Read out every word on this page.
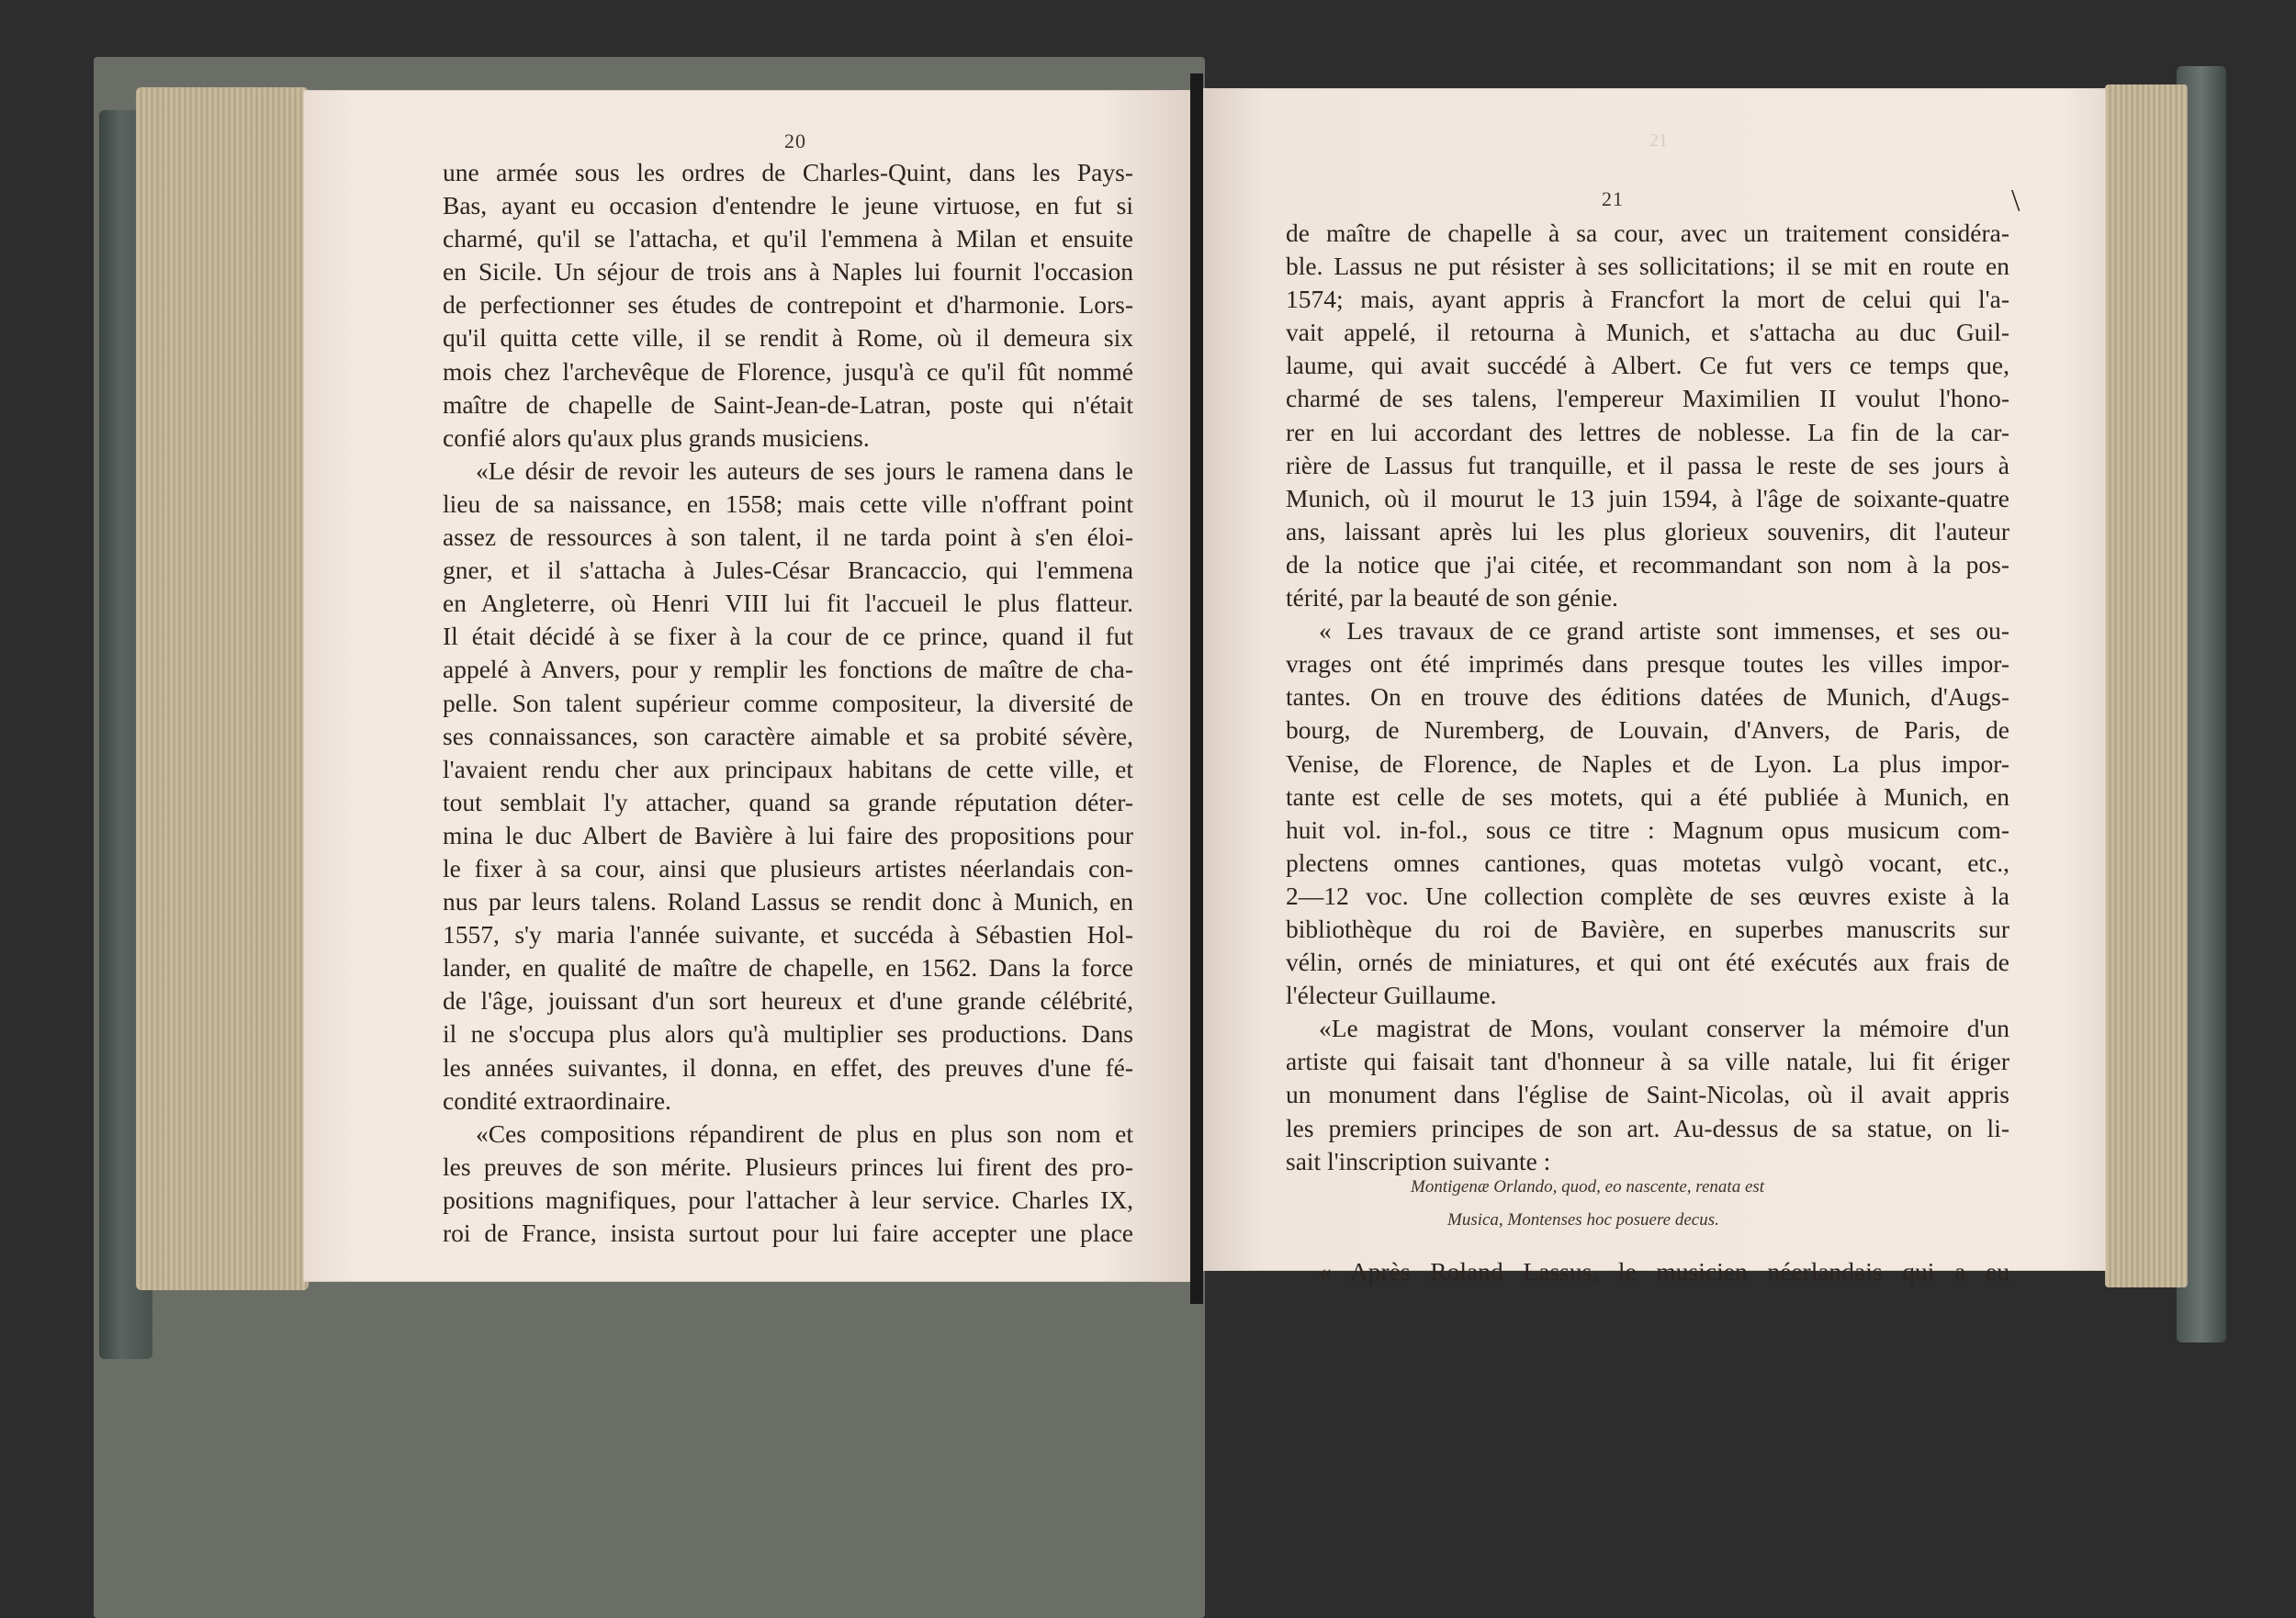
20	21
21	\
une armée sous les ordres de Charles-Quint, dans les Pays-
Bas, ayant eu occasion d'entendre le jeune virtuose, en fut si
charmé, qu'il se l'attacha, et qu'il l'emmena à Milan et ensuite
en Sicile. Un séjour de trois ans à Naples lui fournit l'occasion
de perfectionner ses études de contrepoint et d'harmonie. Lors-
qu'il quitta cette ville, il se rendit à Rome, où il demeura six
mois chez l'archevêque de Florence, jusqu'à ce qu'il fût nommé
maître de chapelle de Saint-Jean-de-Latran, poste qui n'était
confié alors qu'aux plus grands musiciens.
«Le désir de revoir les auteurs de ses jours le ramena dans le
lieu de sa naissance, en 1558; mais cette ville n'offrant point
assez de ressources à son talent, il ne tarda point à s'en éloi-
gner, et il s'attacha à Jules-César Brancaccio, qui l'emmena
en Angleterre, où Henri VIII lui fit l'accueil le plus flatteur.
Il était décidé à se fixer à la cour de ce prince, quand il fut
appelé à Anvers, pour y remplir les fonctions de maître de cha-
pelle. Son talent supérieur comme compositeur, la diversité de
ses connaissances, son caractère aimable et sa probité sévère,
l'avaient rendu cher aux principaux habitans de cette ville, et
tout semblait l'y attacher, quand sa grande réputation déter-
mina le duc Albert de Bavière à lui faire des propositions pour
le fixer à sa cour, ainsi que plusieurs artistes néerlandais con-
nus par leurs talens. Roland Lassus se rendit donc à Munich, en
1557, s'y maria l'année suivante, et succéda à Sébastien Hol-
lander, en qualité de maître de chapelle, en 1562. Dans la force
de l'âge, jouissant d'un sort heureux et d'une grande célébrité,
il ne s'occupa plus alors qu'à multiplier ses productions. Dans
les années suivantes, il donna, en effet, des preuves d'une fé-
condité extraordinaire.
«Ces compositions répandirent de plus en plus son nom et
les preuves de son mérite. Plusieurs princes lui firent des pro-
positions magnifiques, pour l'attacher à leur service. Charles IX,
roi de France, insista surtout pour lui faire accepter une place
de maître de chapelle à sa cour, avec un traitement considéra-
ble. Lassus ne put résister à ses sollicitations; il se mit en route en
1574; mais, ayant appris à Francfort la mort de celui qui l'a-
vait appelé, il retourna à Munich, et s'attacha au duc Guil-
laume, qui avait succédé à Albert. Ce fut vers ce temps que,
charmé de ses talens, l'empereur Maximilien II voulut l'hono-
rer en lui accordant des lettres de noblesse. La fin de la car-
rière de Lassus fut tranquille, et il passa le reste de ses jours à
Munich, où il mourut le 13 juin 1594, à l'âge de soixante-quatre
ans, laissant après lui les plus glorieux souvenirs, dit l'auteur
de la notice que j'ai citée, et recommandant son nom à la pos-
térité, par la beauté de son génie.
« Les travaux de ce grand artiste sont immenses, et ses ou-
vrages ont été imprimés dans presque toutes les villes impor-
tantes. On en trouve des éditions datées de Munich, d'Augs-
bourg, de Nuremberg, de Louvain, d'Anvers, de Paris, de
Venise, de Florence, de Naples et de Lyon. La plus impor-
tante est celle de ses motets, qui a été publiée à Munich, en
huit vol. in-fol., sous ce titre : Magnum opus musicum com-
plectens omnes cantiones, quas motetas vulgò vocant, etc.,
2—12 voc. Une collection complète de ses œuvres existe à la
bibliothèque du roi de Bavière, en superbes manuscrits sur
vélin, ornés de miniatures, et qui ont été exécutés aux frais de
l'électeur Guillaume.
«Le magistrat de Mons, voulant conserver la mémoire d'un
artiste qui faisait tant d'honneur à sa ville natale, lui fit ériger
un monument dans l'église de Saint-Nicolas, où il avait appris
les premiers principes de son art. Au-dessus de sa statue, on li-
sait l'inscription suivante :
Montigenæ Orlando, quod, eo nascente, renata est
Musica, Montenses hoc posuere decus.
« Après Roland Lassus, le musicien néerlandais qui a eu
